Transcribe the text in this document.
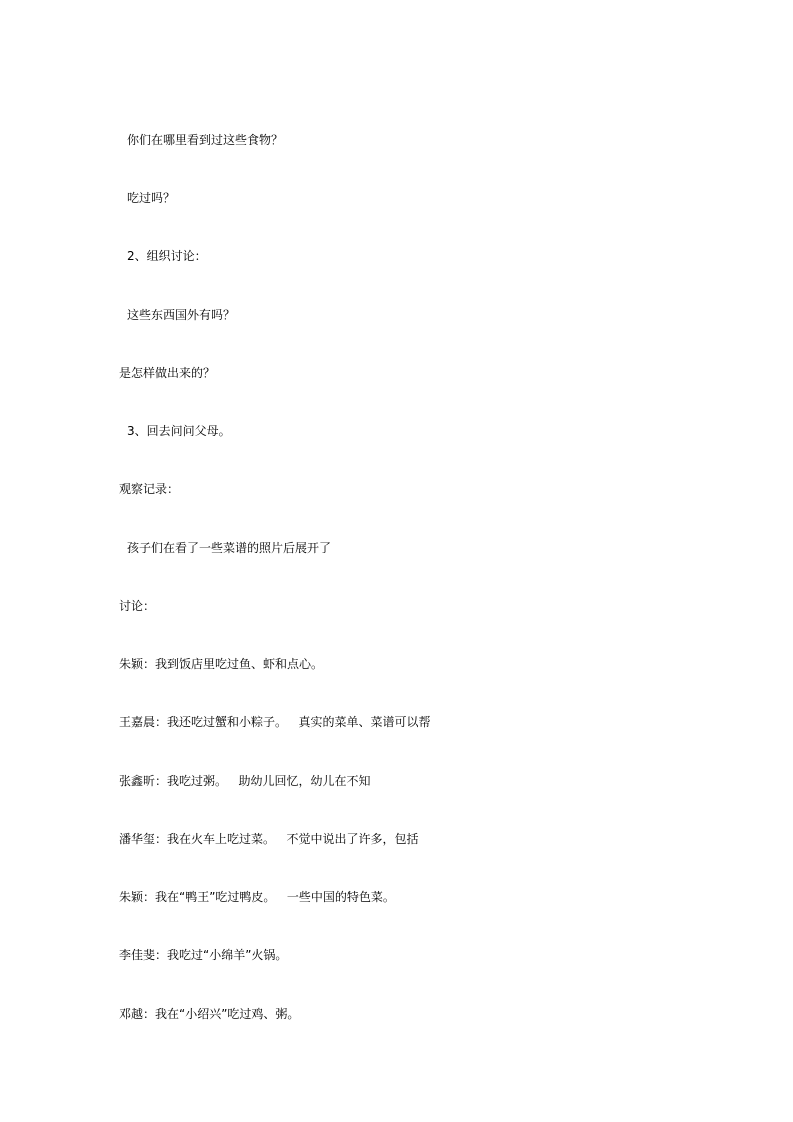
你们在哪里看到过这些食物？
吃过吗？
2、组织讨论：
这些东西国外有吗？
是怎样做出来的？
3、回去问问父母。
观察记录：
孩子们在看了一些菜谱的照片后展开了
讨论：
朱颖：我到饭店里吃过鱼、虾和点心。
王嘉晨：我还吃过蟹和小粽子。   真实的菜单、菜谱可以帮
张鑫昕：我吃过粥。   助幼儿回忆，幼儿在不知
潘华玺：我在火车上吃过菜。   不觉中说出了许多，包括
朱颖：我在“鸭王”吃过鸭皮。   一些中国的特色菜。
李佳斐：我吃过“小绵羊”火锅。
邓越：我在“小绍兴”吃过鸡、粥。
